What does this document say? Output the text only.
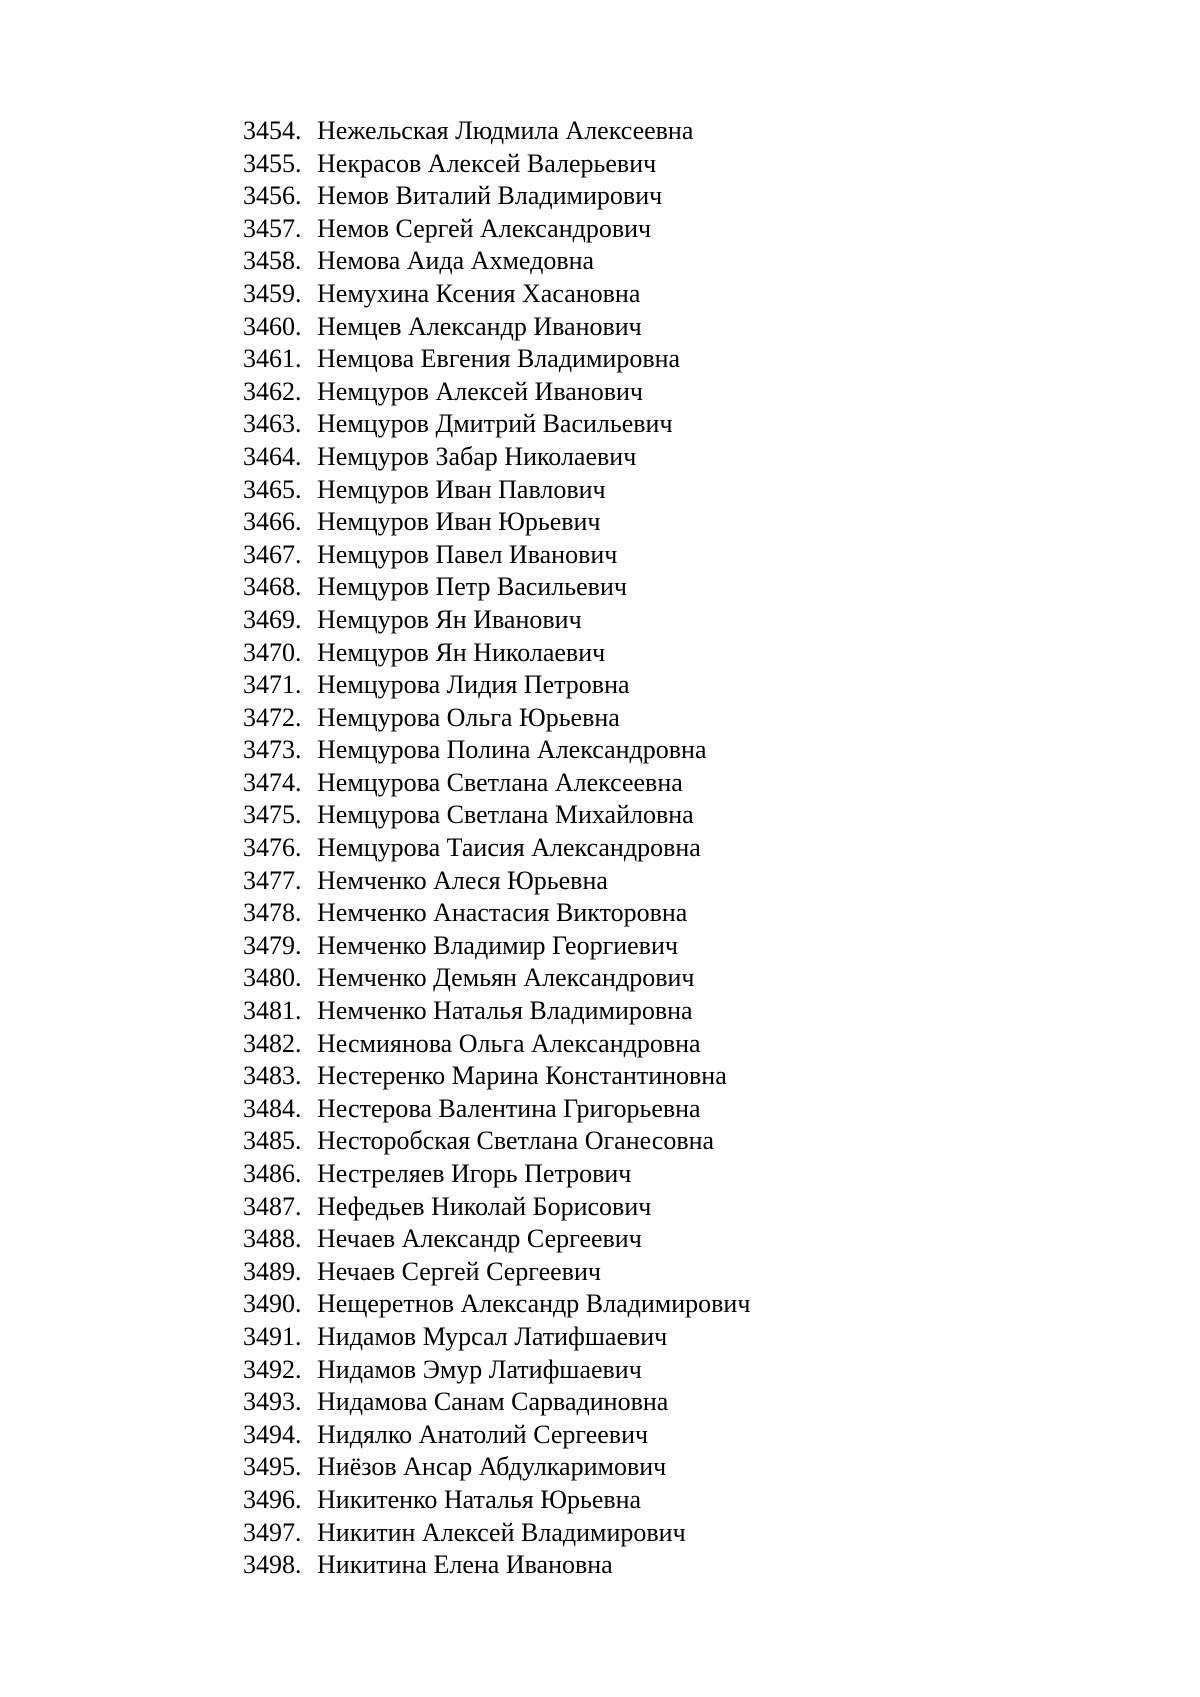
3454. Нежельская Людмила Алексеевна
3455. Некрасов Алексей Валерьевич
3456. Немов Виталий Владимирович
3457. Немов Сергей Александрович
3458. Немова Аида Ахмедовна
3459. Немухина Ксения Хасановна
3460. Немцев Александр Иванович
3461. Немцова Евгения Владимировна
3462. Немцуров Алексей Иванович
3463. Немцуров Дмитрий Васильевич
3464. Немцуров Забар Николаевич
3465. Немцуров Иван Павлович
3466. Немцуров Иван Юрьевич
3467. Немцуров Павел Иванович
3468. Немцуров Петр Васильевич
3469. Немцуров Ян Иванович
3470. Немцуров Ян Николаевич
3471. Немцурова Лидия Петровна
3472. Немцурова Ольга Юрьевна
3473. Немцурова Полина Александровна
3474. Немцурова Светлана Алексеевна
3475. Немцурова Светлана Михайловна
3476. Немцурова Таисия Александровна
3477. Немченко Алеся Юрьевна
3478. Немченко Анастасия Викторовна
3479. Немченко Владимир Георгиевич
3480. Немченко Демьян Александрович
3481. Немченко Наталья Владимировна
3482. Несмиянова Ольга Александровна
3483. Нестеренко Марина Константиновна
3484. Нестерова Валентина Григорьевна
3485. Несторобская Светлана Оганесовна
3486. Нестреляев Игорь Петрович
3487. Нефедьев Николай Борисович
3488. Нечаев Александр Сергеевич
3489. Нечаев Сергей Сергеевич
3490. Нещеретнов Александр Владимирович
3491. Нидамов Мурсал Латифшаевич
3492. Нидамов Эмур Латифшаевич
3493. Нидамова Санам Сарвадиновна
3494. Нидялко Анатолий Сергеевич
3495. Ниёзов Ансар Абдулкаримович
3496. Никитенко Наталья Юрьевна
3497. Никитин Алексей Владимирович
3498. Никитина Елена Ивановна
